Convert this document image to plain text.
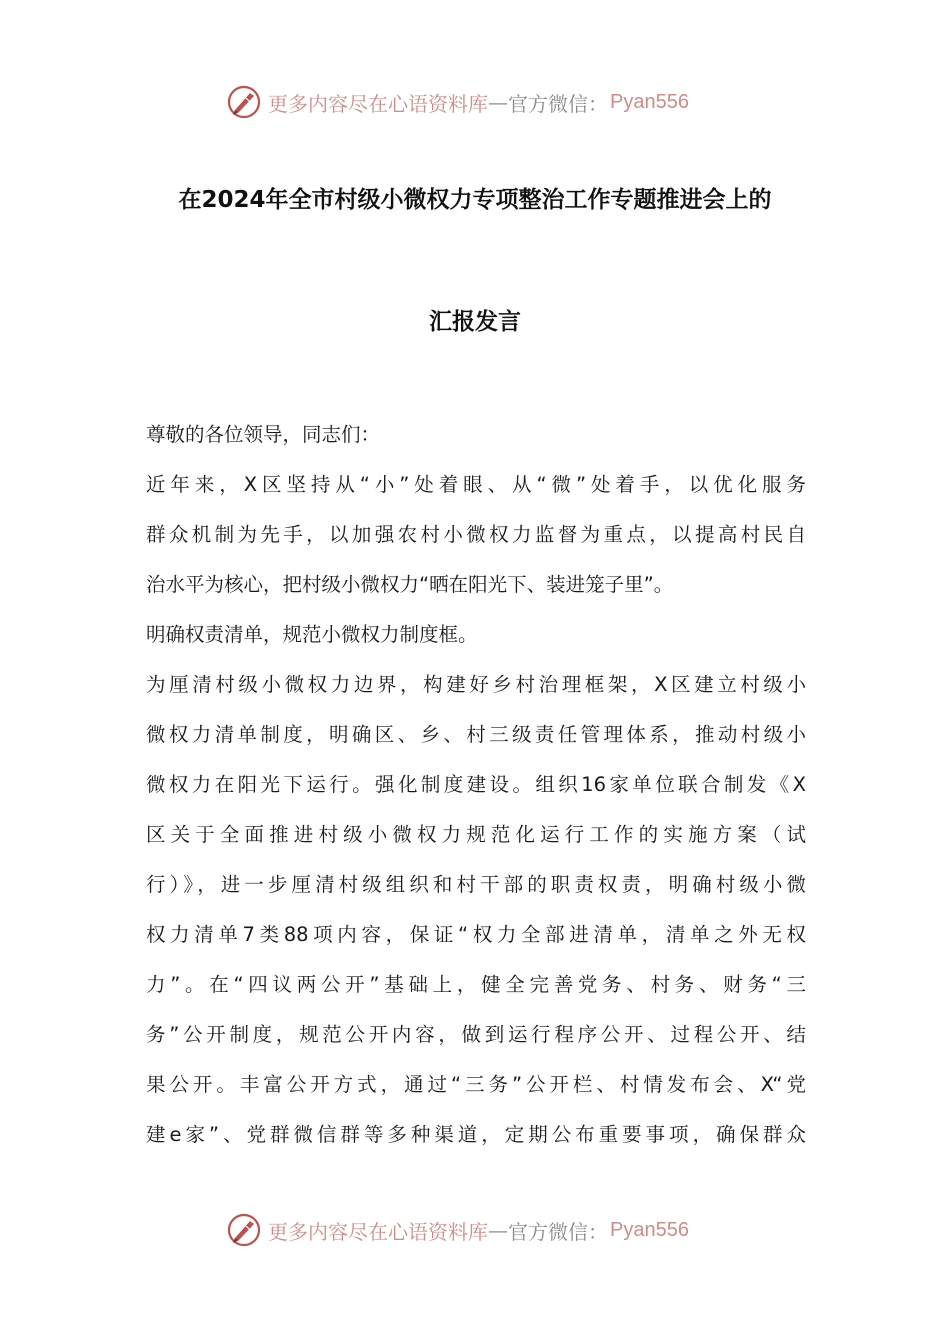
更多内容尽在心语资料库 — 官方微信： Pyan556
在2024年全市村级小微权力专项整治工作专题推进会上的
汇报发言
尊敬的各位领导，同志们：
近年来，X区坚持从“小”处着眼、从“微”处着手，以优化服务
群众机制为先手，以加强农村小微权力监督为重点，以提高村民自
治水平为核心，把村级小微权力“晒在阳光下、装进笼子里”。
明确权责清单，规范小微权力制度框。
为厘清村级小微权力边界，构建好乡村治理框架，X区建立村级小
微权力清单制度，明确区、乡、村三级责任管理体系，推动村级小
微权力在阳光下运行。强化制度建设。组织16家单位联合制发《X
区关于全面推进村级小微权力规范化运行工作的实施方案（试
行）》，进一步厘清村级组织和村干部的职责权责，明确村级小微
权力清单7类88项内容，保证“权力全部进清单，清单之外无权
力”。在“四议两公开”基础上，健全完善党务、村务、财务“三
务”公开制度，规范公开内容，做到运行程序公开、过程公开、结
果公开。丰富公开方式，通过“三务”公开栏、村情发布会、X“党
建e家”、党群微信群等多种渠道，定期公布重要事项，确保群众
更多内容尽在心语资料库 — 官方微信： Pyan556
